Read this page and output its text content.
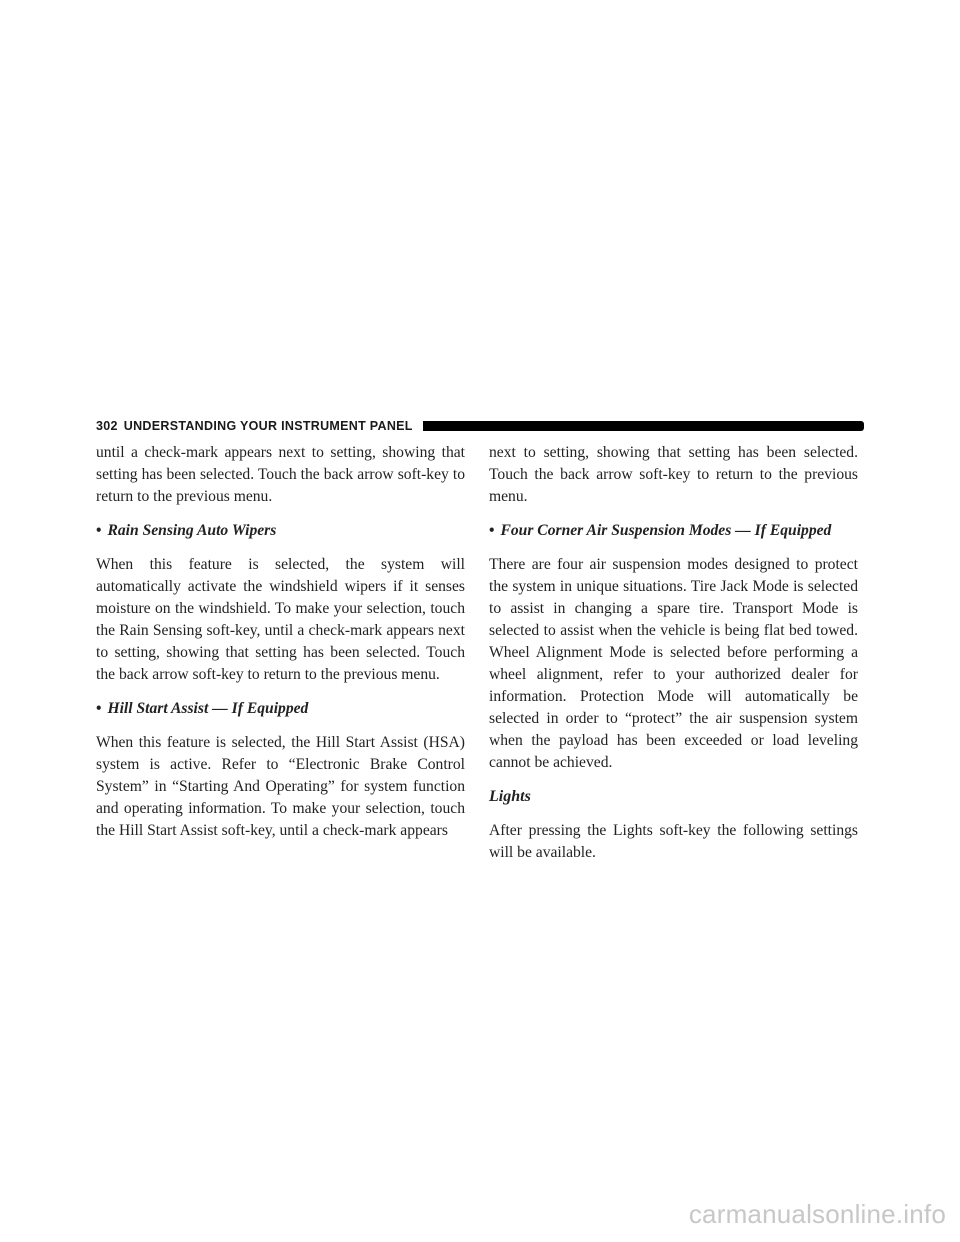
302 UNDERSTANDING YOUR INSTRUMENT PANEL

until a check-mark appears next to setting, showing that setting has been selected. Touch the back arrow soft-key to return to the previous menu.

• Rain Sensing Auto Wipers

When this feature is selected, the system will automatically activate the windshield wipers if it senses moisture on the windshield. To make your selection, touch the Rain Sensing soft-key, until a check-mark appears next to setting, showing that setting has been selected. Touch the back arrow soft-key to return to the previous menu.

• Hill Start Assist — If Equipped

When this feature is selected, the Hill Start Assist (HSA) system is active. Refer to “Electronic Brake Control System” in “Starting And Operating” for system function and operating information. To make your selection, touch the Hill Start Assist soft-key, until a check-mark appears

next to setting, showing that setting has been selected. Touch the back arrow soft-key to return to the previous menu.

• Four Corner Air Suspension Modes — If Equipped

There are four air suspension modes designed to protect the system in unique situations. Tire Jack Mode is selected to assist in changing a spare tire. Transport Mode is selected to assist when the vehicle is being flat bed towed. Wheel Alignment Mode is selected before performing a wheel alignment, refer to your authorized dealer for information. Protection Mode will automatically be selected in order to “protect” the air suspension system when the payload has been exceeded or load leveling cannot be achieved.

Lights

After pressing the Lights soft-key the following settings will be available.

carmanualsonline.info
